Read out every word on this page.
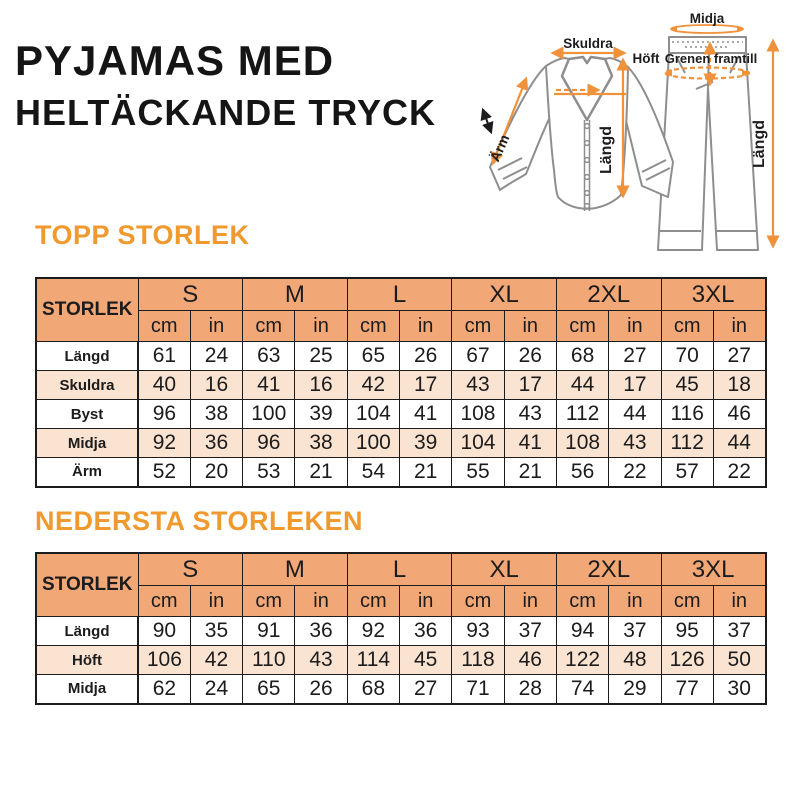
PYJAMAS MED
HELTÄCKANDE TRYCK
Skuldra
Ärm	Längd
Midja
Höft Grenen framtill
Längd
TOPP STORLEK
STORLEK	S		M		L		XL		2XL		3XL	
	cm	in	cm	in	cm	in	cm	in	cm	in	cm	in
Längd	61	24	63	25	65	26	67	26	68	27	70	27
Skuldra	40	16	41	16	42	17	43	17	44	17	45	18
Byst	96	38	100	39	104	41	108	43	112	44	116	46
Midja	92	36	96	38	100	39	104	41	108	43	112	44
Ärm	52	20	53	21	54	21	55	21	56	22	57	22
NEDERSTA STORLEKEN
STORLEK	S		M		L		XL		2XL		3XL	
	cm	in	cm	in	cm	in	cm	in	cm	in	cm	in
Längd	90	35	91	36	92	36	93	37	94	37	95	37
Höft	106	42	110	43	114	45	118	46	122	48	126	50
Midja	62	24	65	26	68	27	71	28	74	29	77	30
